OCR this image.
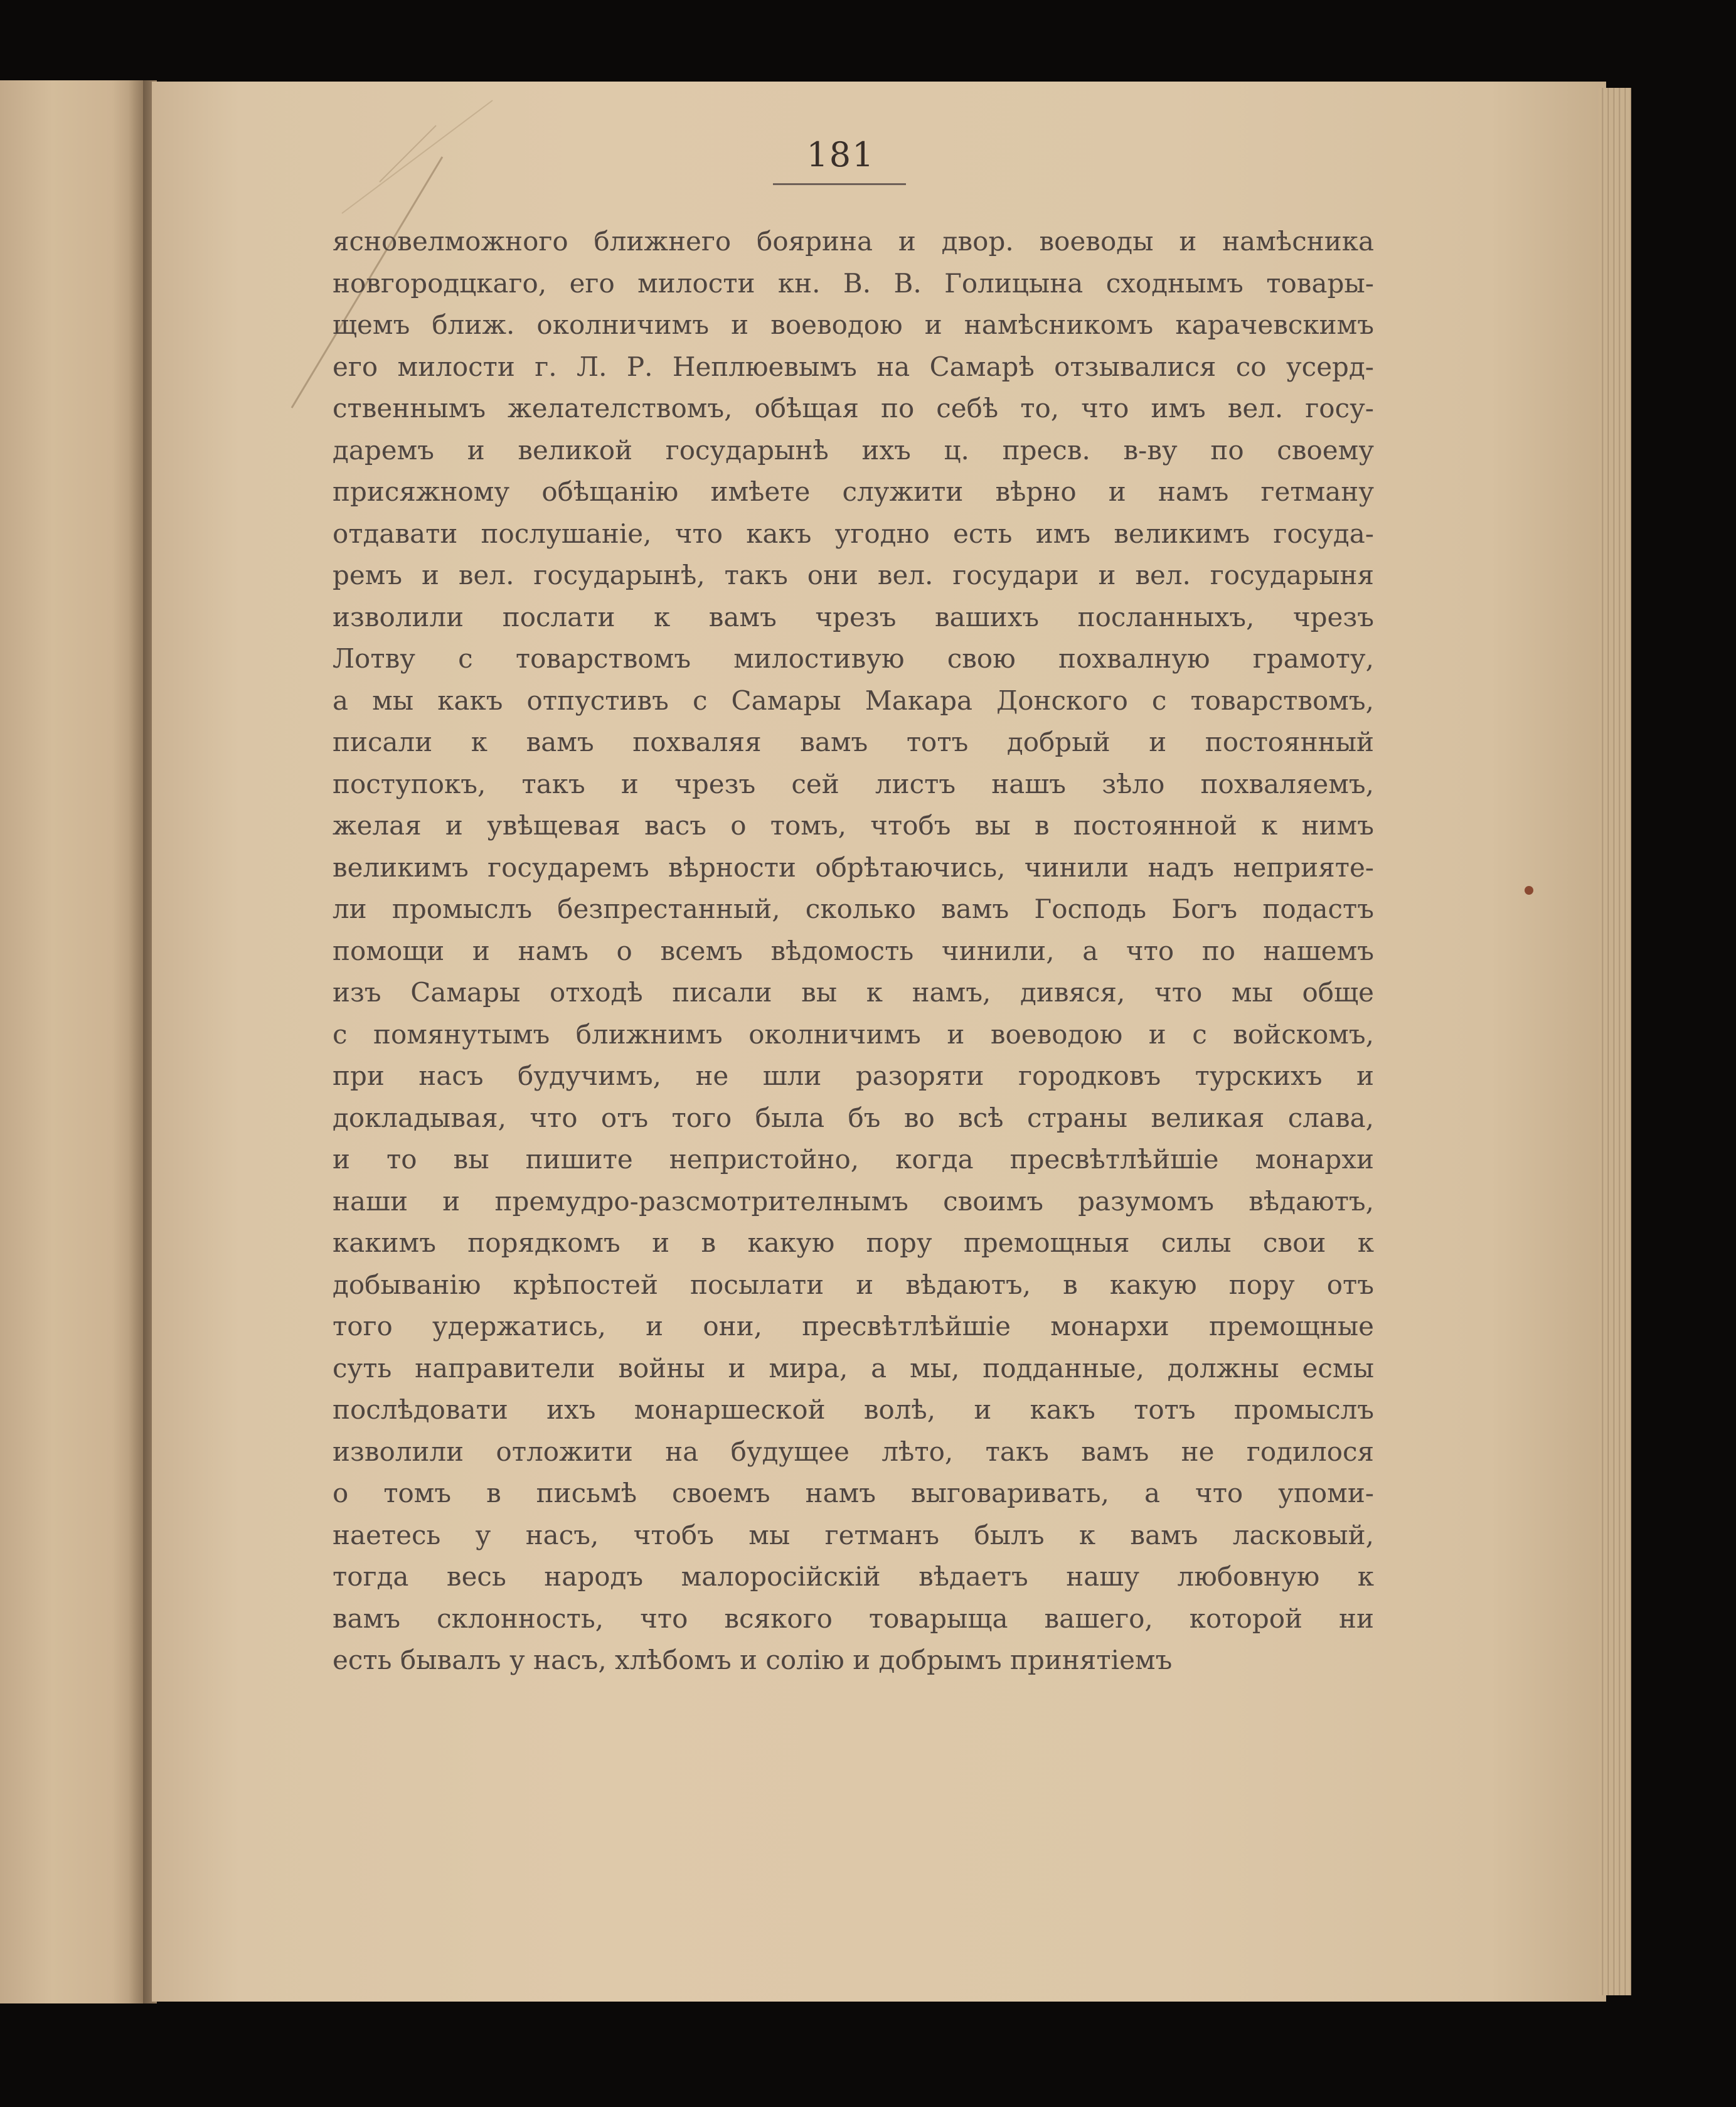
181
ясновелможного ближнего боярина и двор. воеводы и намѣсника
новгородцкаго, его милости кн. В. В. Голицына сходнымъ товары-
щемъ ближ. околничимъ и воеводою и намѣсникомъ карачевскимъ
его милости г. Л. Р. Неплюевымъ на Самарѣ отзывалися со усерд-
ственнымъ желателствомъ, обѣщая по себѣ то, что имъ вел. госу-
даремъ и великой государынѣ ихъ ц. пресв. в-ву по своему
присяжному обѣщанiю имѣете служити вѣрно и намъ гетману
отдавати послушанiе, что какъ угодно есть имъ великимъ госуда-
ремъ и вел. государынѣ, такъ они вел. государи и вел. государыня
изволили послати к вамъ чрезъ вашихъ посланныхъ, чрезъ
Лотву с товарствомъ милостивую свою похвалную грамоту,
а мы какъ отпустивъ с Самары Макара Донского с товарствомъ,
писали к вамъ похваляя вамъ тотъ добрый и постоянный
поступокъ, такъ и чрезъ сей листъ нашъ зѣло похваляемъ,
желая и увѣщевая васъ о томъ, чтобъ вы в постоянной к нимъ
великимъ государемъ вѣрности обрѣтаючись, чинили надъ неприяте-
ли промыслъ безпрестанный, сколько вамъ Господь Богъ подастъ
помощи и намъ о всемъ вѣдомость чинили, а что по нашемъ
изъ Самары отходѣ писали вы к намъ, дивяся, что мы обще
с помянутымъ ближнимъ околничимъ и воеводою и с войскомъ,
при насъ будучимъ, не шли разоряти городковъ турскихъ и
докладывая, что отъ того была бъ во всѣ страны великая слава,
и то вы пишите непристойно, когда пресвѣтлѣйшiе монархи
наши и премудро-разсмотрителнымъ своимъ разумомъ вѣдаютъ,
какимъ порядкомъ и в какую пору премощныя силы свои к
добыванiю крѣпостей посылати и вѣдаютъ, в какую пору отъ
того удержатись, и они, пресвѣтлѣйшiе монархи премощные
суть направители войны и мира, а мы, подданные, должны есмы
послѣдовати ихъ монаршеской волѣ, и какъ тотъ промыслъ
изволили отложити на будущее лѣто, такъ вамъ не годилося
о томъ в письмѣ своемъ намъ выговаривать, а что упоми-
наетесь у насъ, чтобъ мы гетманъ былъ к вамъ ласковый,
тогда весь народъ малоросiйскiй вѣдаетъ нашу любовную к
вамъ склонность, что всякого товарыща вашего, которой ни
есть бывалъ у насъ, хлѣбомъ и солiю и добрымъ принятiемъ
